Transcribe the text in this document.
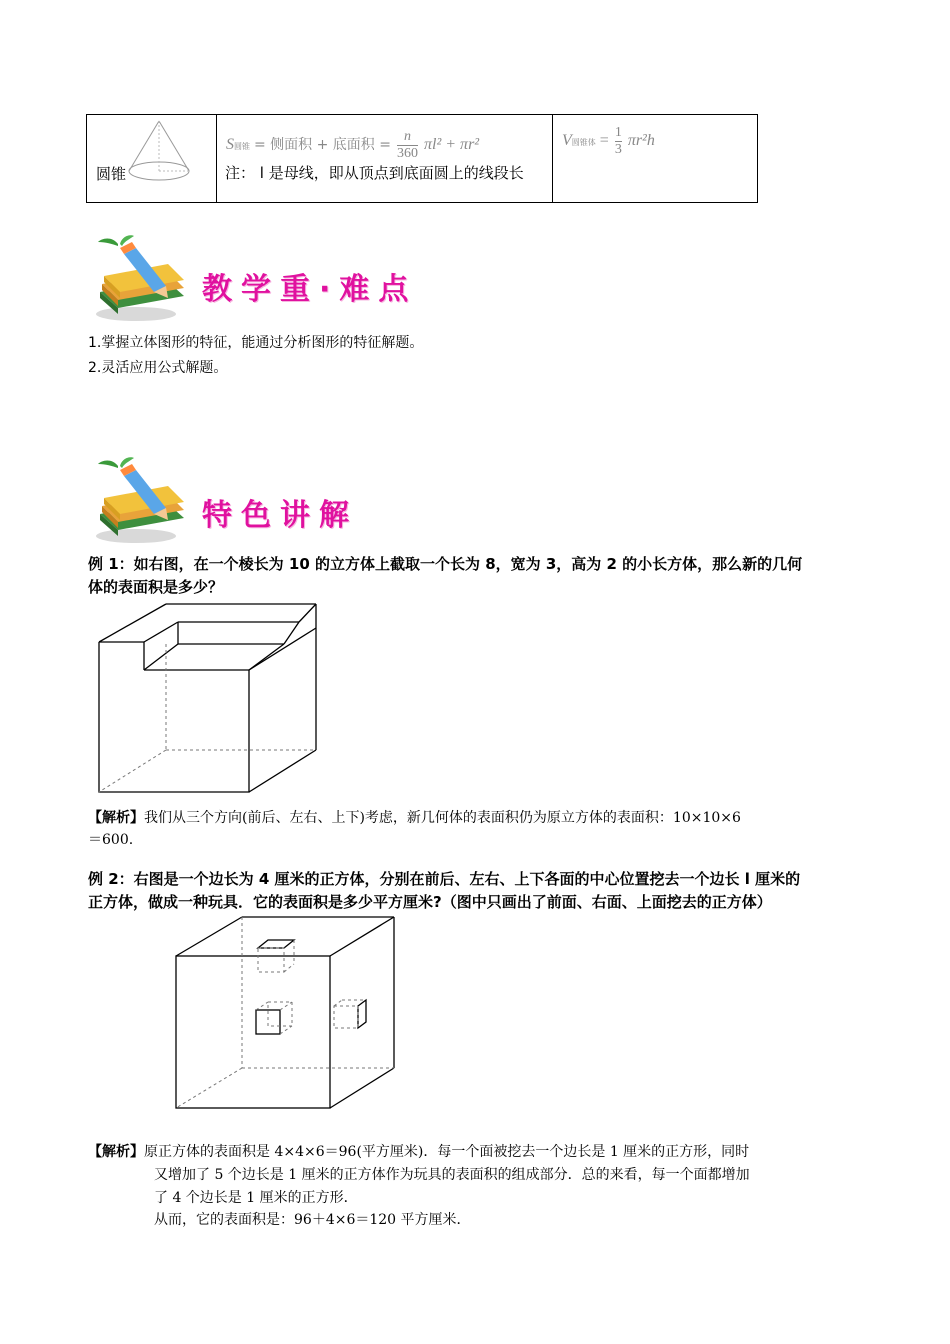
圆锥
S圆锥 = 侧面积 + 底面积 = $\frac{n}{360} \pi l^2 + \pi r^2$
注： l 是母线，即从顶点到底面圆上的线段长
V圆锥体 = $\frac{1}{3} \pi r^2h$
教学重·难点
1.掌握立体图形的特征，能通过分析图形的特征解题。
2.灵活应用公式解题。
特色讲解
例 1：如右图，在一个棱长为 10 的立方体上截取一个长为 8，宽为 3，高为 2 的小长方体，那么新的几何
体的表面积是多少？
【解析】我们从三个方向(前后、左右、上下)考虑，新几何体的表面积仍为原立方体的表面积：10×10×6
＝600.
例 2：右图是一个边长为 4 厘米的正方体，分别在前后、左右、上下各面的中心位置挖去一个边长 l 厘米的
正方体，做成一种玩具．它的表面积是多少平方厘米?（图中只画出了前面、右面、上面挖去的正方体）
【解析】原正方体的表面积是 4×4×6＝96(平方厘米)．每一个面被挖去一个边长是 1 厘米的正方形，同时
又增加了 5 个边长是 1 厘米的正方体作为玩具的表面积的组成部分．总的来看，每一个面都增加
了 4 个边长是 1 厘米的正方形．
从而，它的表面积是：96＋4×6＝120 平方厘米．
